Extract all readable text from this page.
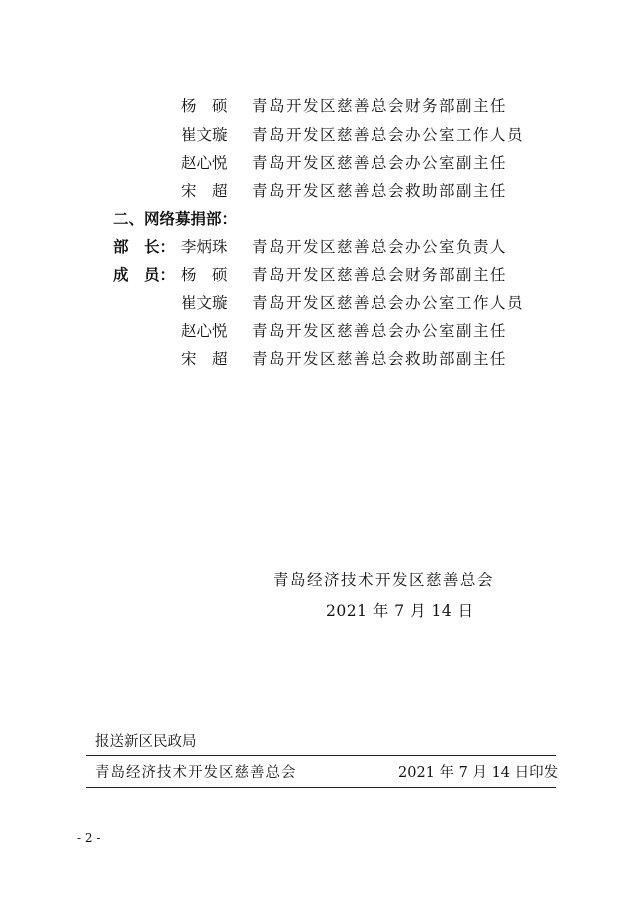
杨　硕	青岛开发区慈善总会财务部副主任
崔文璇	青岛开发区慈善总会办公室工作人员
赵心悦	青岛开发区慈善总会办公室副主任
宋　超	青岛开发区慈善总会救助部副主任
二、网络募捐部：
部　长： 李炳珠	青岛开发区慈善总会办公室负责人
成　员： 杨　硕	青岛开发区慈善总会财务部副主任
崔文璇	青岛开发区慈善总会办公室工作人员
赵心悦	青岛开发区慈善总会办公室副主任
宋　超	青岛开发区慈善总会救助部副主任
青岛经济技术开发区慈善总会
2021 年 7 月 14 日
报送新区民政局
青岛经济技术开发区慈善总会	2021 年 7 月 14 日印发
- 2 -
